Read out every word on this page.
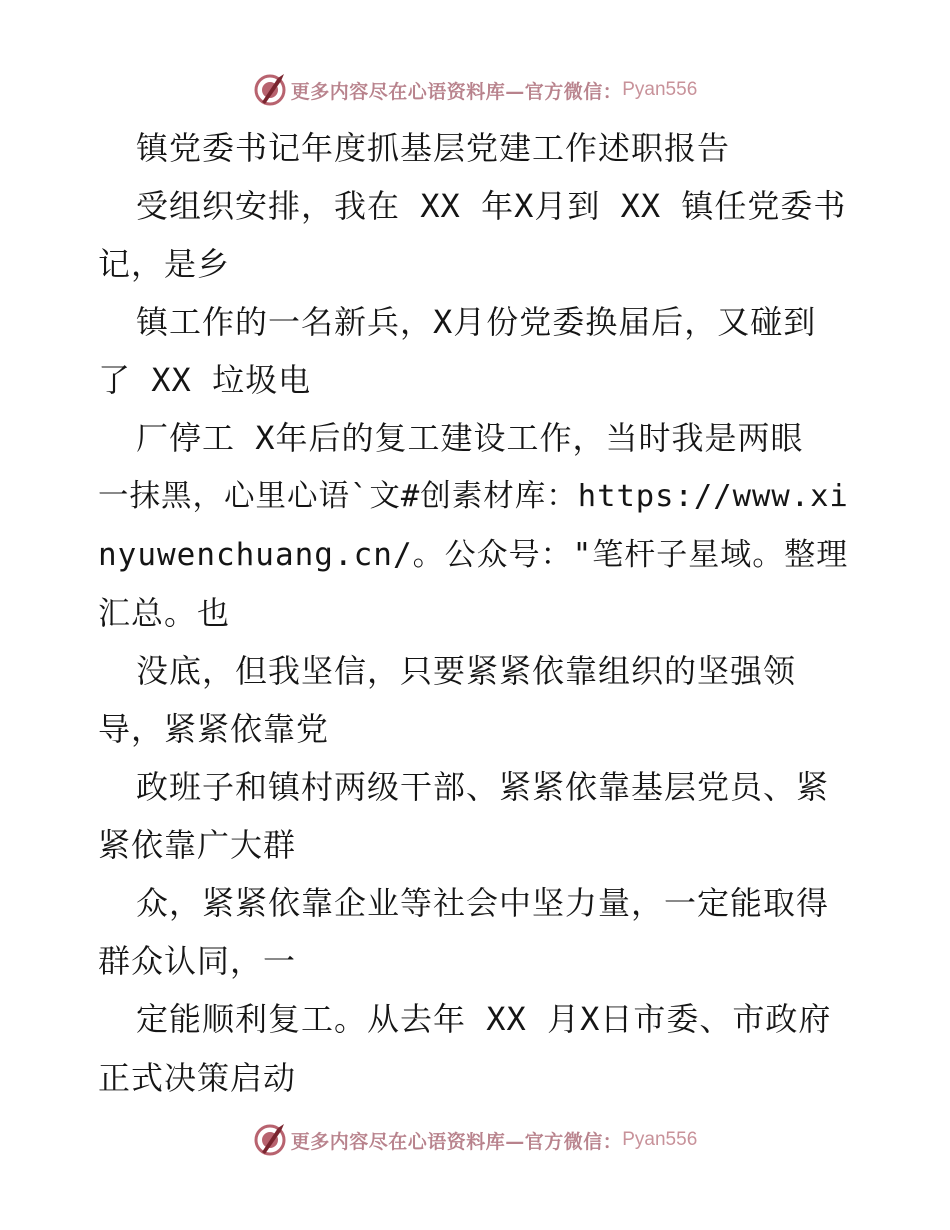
更多内容尽在心语资料库—官方微信： Pyan556
镇党委书记年度抓基层党建工作述职报告
受组织安排，我在 XX 年X月到 XX 镇任党委书
记，是乡
镇工作的一名新兵，X月份党委换届后，又碰到
了 XX 垃圾电
厂停工 X年后的复工建设工作，当时我是两眼
一抹黑，心里心语`文#创素材库：https://www.xi
nyuwenchuang.cn/。公众号："笔杆子星域。整理
汇总。也
没底，但我坚信，只要紧紧依靠组织的坚强领
导，紧紧依靠党
政班子和镇村两级干部、紧紧依靠基层党员、紧
紧依靠广大群
众，紧紧依靠企业等社会中坚力量，一定能取得
群众认同，一
定能顺利复工。从去年 XX 月X日市委、市政府
正式决策启动
更多内容尽在心语资料库—官方微信： Pyan556
